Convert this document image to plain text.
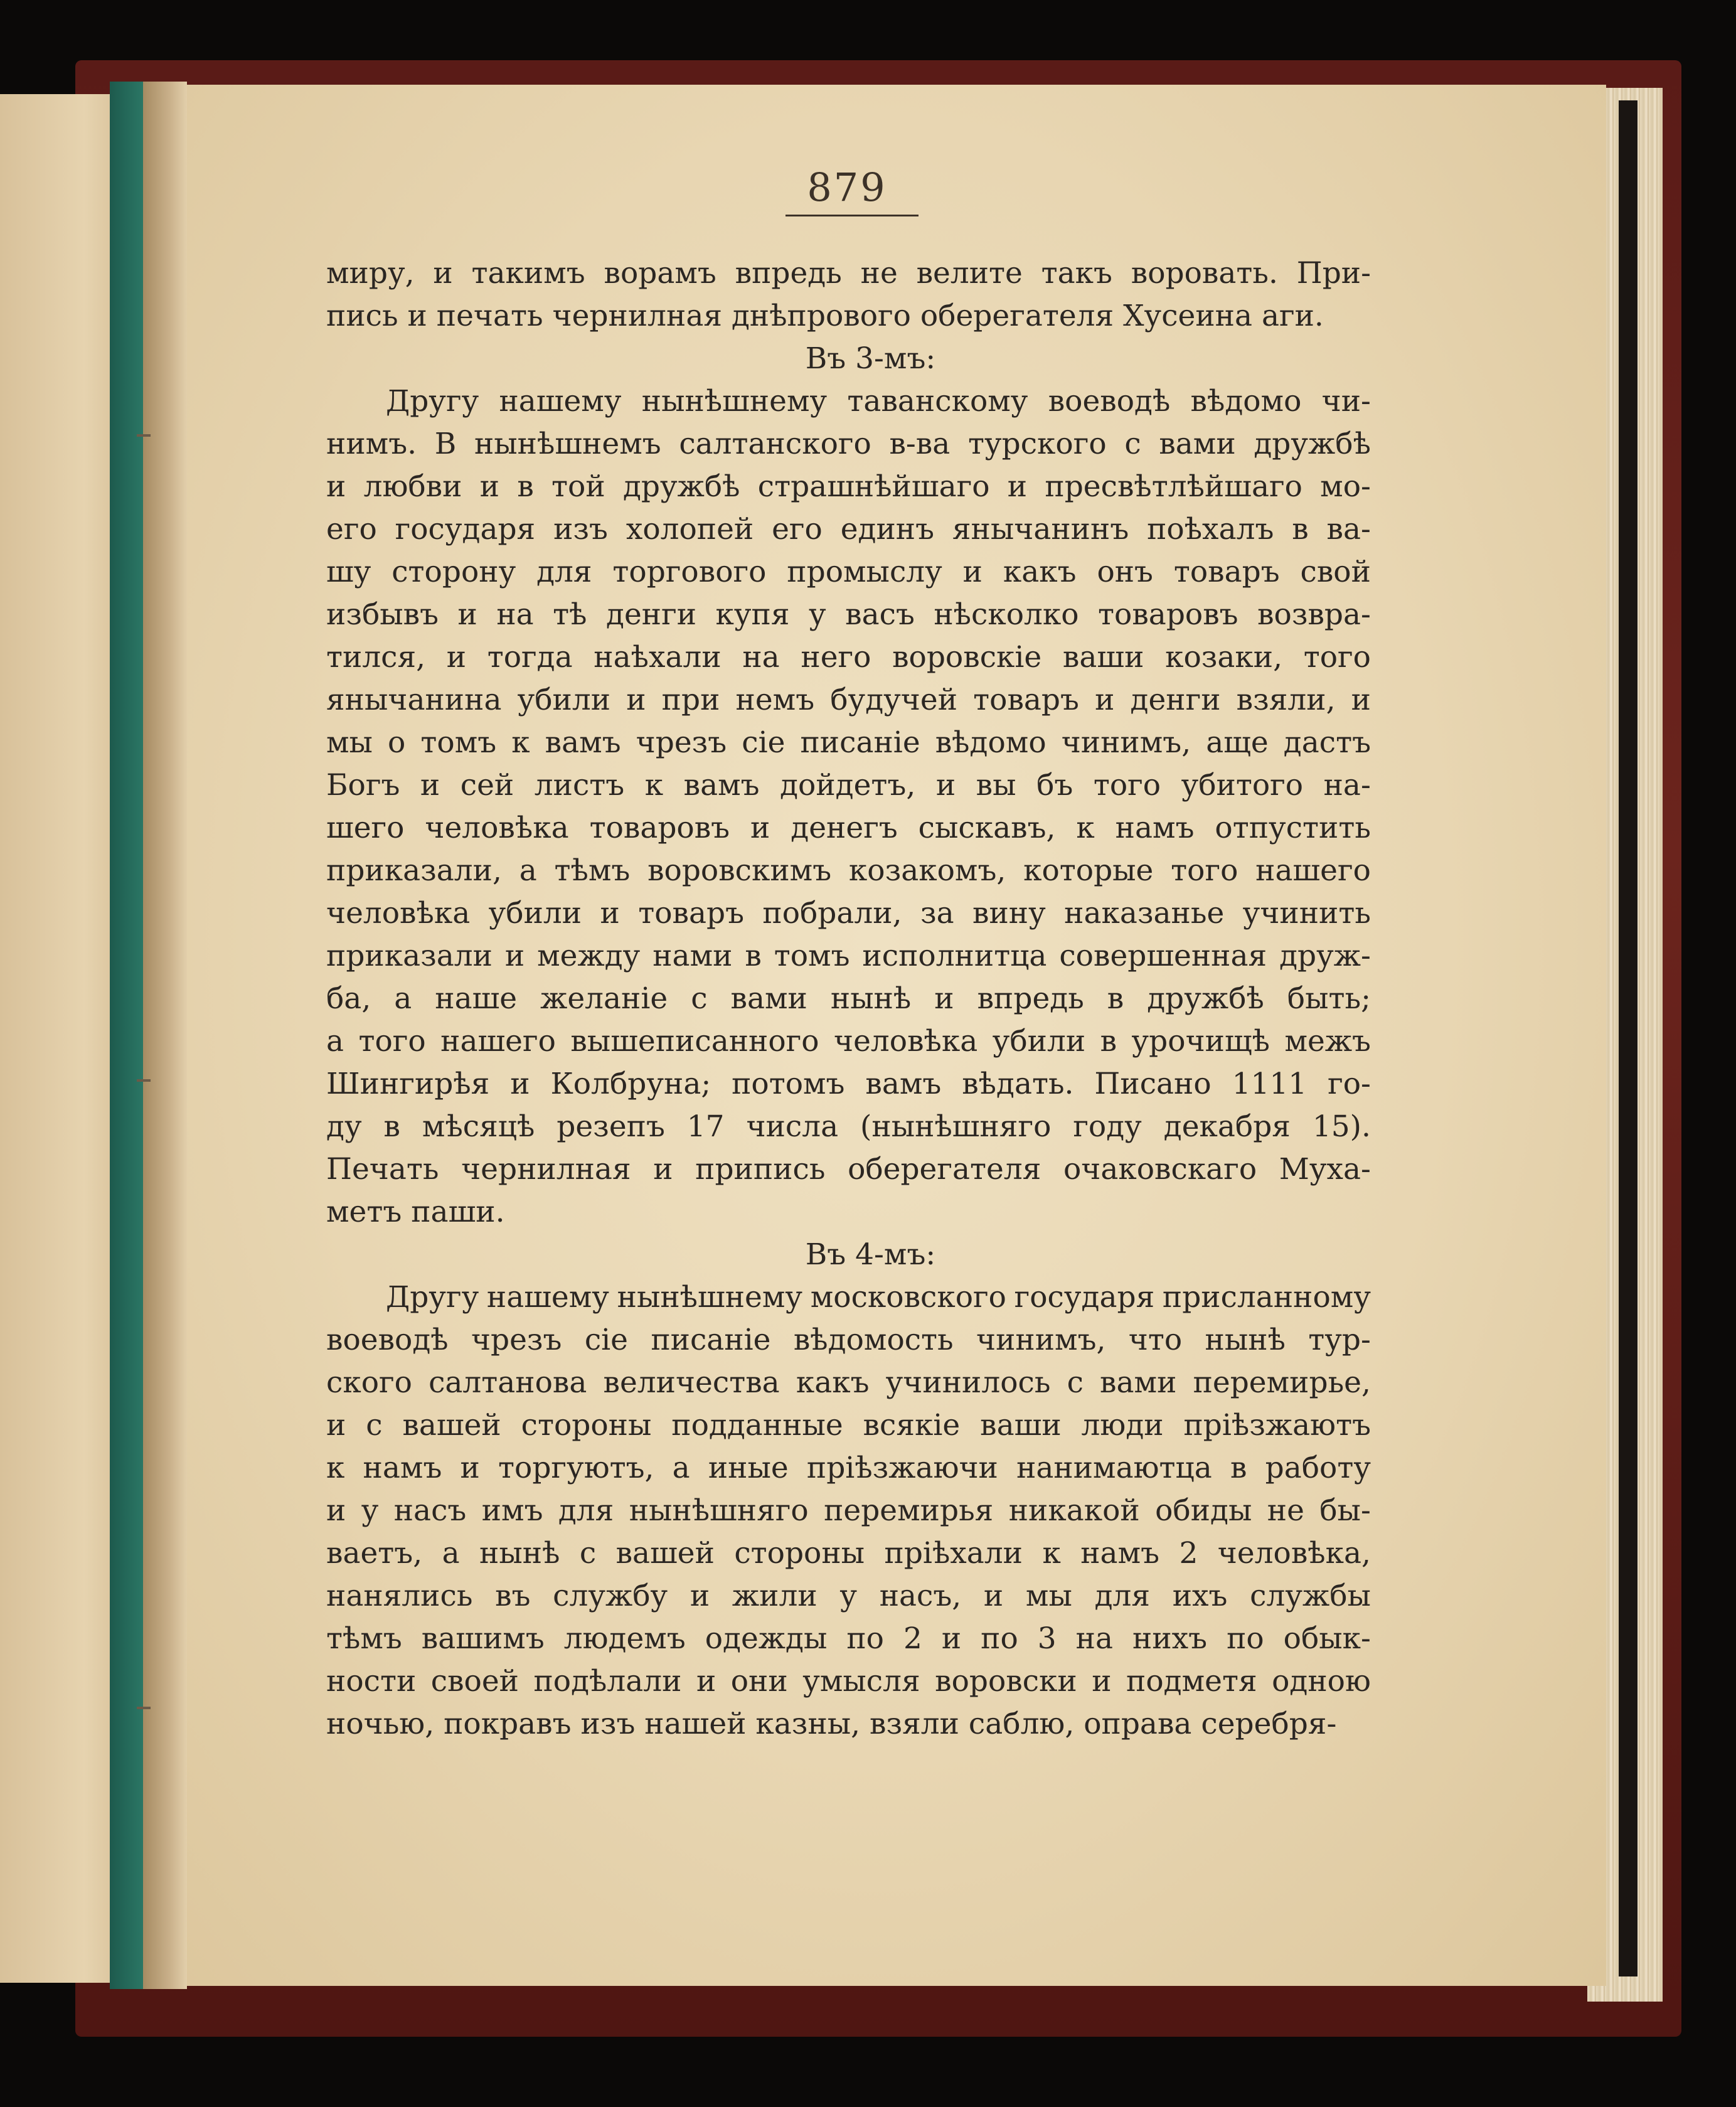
879
миру, и такимъ ворамъ впредь не велите такъ воровать. При-
пись и печать чернилная днѣпрового оберегателя Хусеина аги.
Въ 3-мъ:
Другу нашему нынѣшнему таванскому воеводѣ вѣдомо чи-
нимъ. В нынѣшнемъ салтанского в-ва турского с вами дружбѣ
и любви и в той дружбѣ страшнѣйшаго и пресвѣтлѣйшаго мо-
его государя изъ холопей его единъ янычанинъ поѣхалъ в ва-
шу сторону для торгового промыслу и какъ онъ товаръ свой
избывъ и на тѣ денги купя у васъ нѣсколко товаровъ возвра-
тился, и тогда наѣхали на него воровскіе ваши козаки, того
янычанина убили и при немъ будучей товаръ и денги взяли, и
мы о томъ к вамъ чрезъ сіе писаніе вѣдомо чинимъ, аще дастъ
Богъ и сей листъ к вамъ дойдетъ, и вы бъ того убитого на-
шего человѣка товаровъ и денегъ сыскавъ, к намъ отпустить
приказали, а тѣмъ воровскимъ козакомъ, которые того нашего
человѣка убили и товаръ побрали, за вину наказанье учинить
приказали и между нами в томъ исполнитца совершенная друж-
ба, а наше желаніе с вами нынѣ и впредь в дружбѣ быть;
а того нашего вышеписанного человѣка убили в урочищѣ межъ
Шингирѣя и Колбруна; потомъ вамъ вѣдать. Писано 1111 го-
ду в мѣсяцѣ резепъ 17 числа (нынѣшняго году декабря 15).
Печать чернилная и припись оберегателя очаковскаго Муха-
метъ паши.
Въ 4-мъ:
Другу нашему нынѣшнему московского государя присланному
воеводѣ чрезъ сіе писаніе вѣдомость чинимъ, что нынѣ тур-
ского салтанова величества какъ учинилось с вами перемирье,
и с вашей стороны подданные всякіе ваши люди пріѣзжаютъ
к намъ и торгуютъ, а иные пріѣзжаючи нанимаютца в работу
и у насъ имъ для нынѣшняго перемирья никакой обиды не бы-
ваетъ, а нынѣ с вашей стороны пріѣхали к намъ 2 человѣка,
нанялись въ службу и жили у насъ, и мы для ихъ службы
тѣмъ вашимъ людемъ одежды по 2 и по 3 на нихъ по обык-
ности своей подѣлали и они умысля воровски и подметя одною
ночью, покравъ изъ нашей казны, взяли саблю, оправа серебря-
